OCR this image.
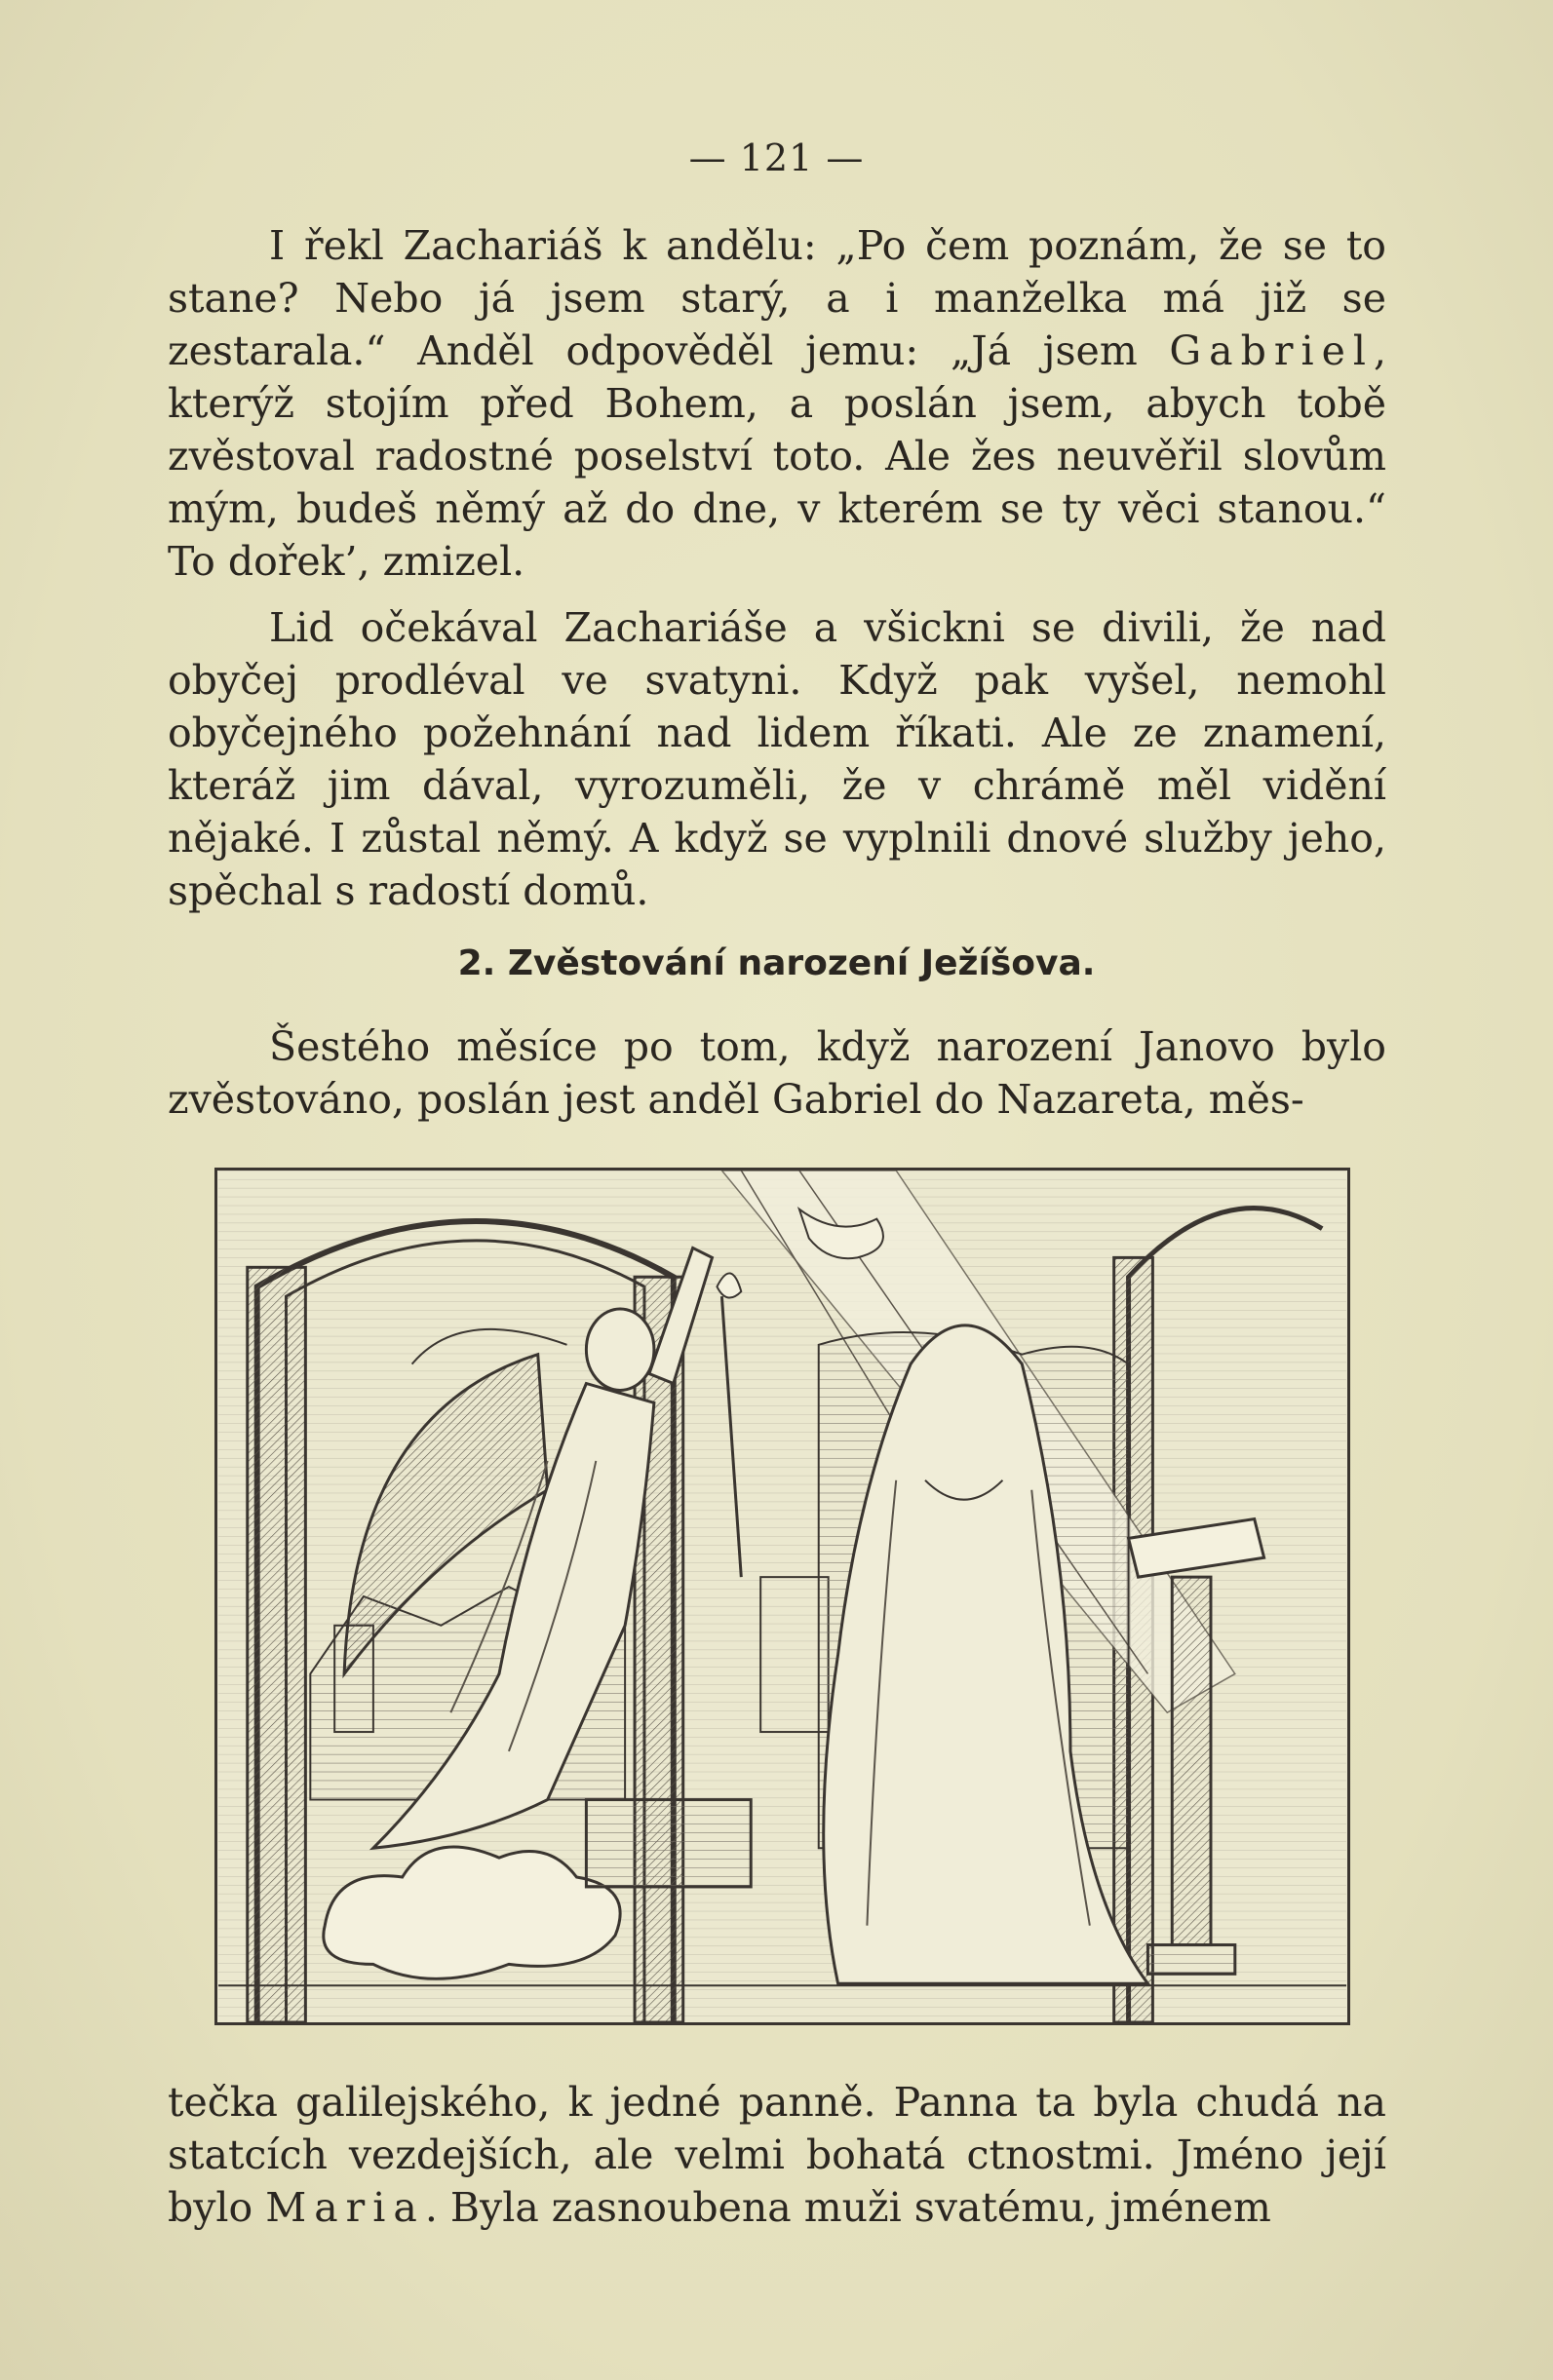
— 121 —

I řekl Zachariáš k andělu: „Po čem poznám, že se to stane? Nebo já jsem starý, a i manželka má již se zestarala.“ Anděl odpověděl jemu: „Já jsem Gabriel, kterýž stojím před Bohem, a poslán jsem, abych tobě zvěstoval radostné poselství toto. Ale žes neuvěřil slovům mým, budeš němý až do dne, v kterém se ty věci stanou.“ To dořek’, zmizel.

Lid očekával Zachariáše a všickni se divili, že nad obyčej prodléval ve svatyni. Když pak vyšel, nemohl obyčejného požehnání nad lidem říkati. Ale ze znamení, kteráž jim dával, vyrozuměli, že v chrámě měl vidění nějaké. I zůstal němý. A když se vyplnili dnové služby jeho, spěchal s radostí domů.

2. Zvěstování narození Ježíšova.

Šestého měsíce po tom, když narození Janovo bylo zvěstováno, poslán jest anděl Gabriel do Nazareta, měs-

tečka galilejského, k jedné panně. Panna ta byla chudá na statcích vezdejších, ale velmi bohatá ctnostmi. Jméno její bylo Maria. Byla zasnoubena muži svatému, jménem
